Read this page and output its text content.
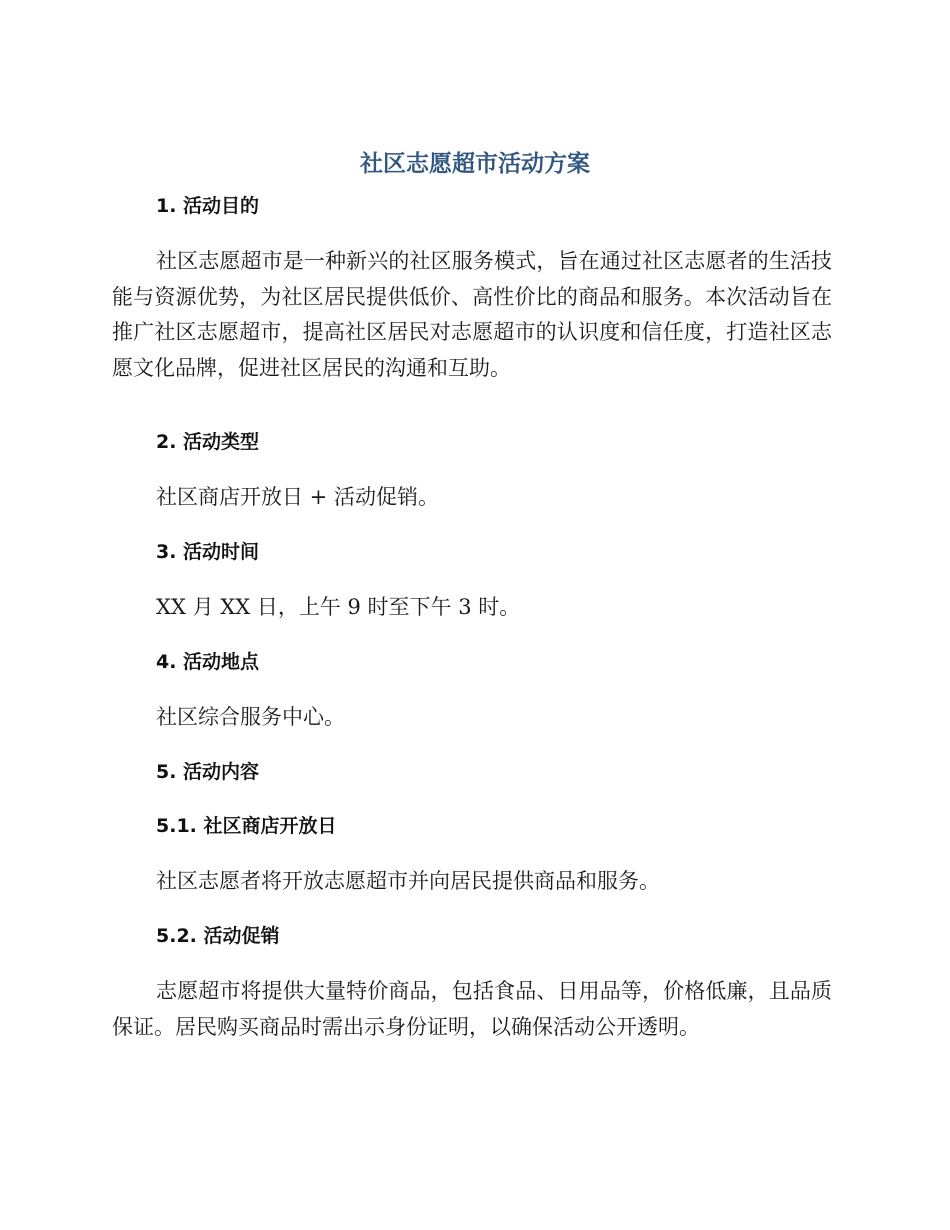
社区志愿超市活动方案
1. 活动目的

社区志愿超市是一种新兴的社区服务模式，旨在通过社区志愿者的生活技能与资源优势，为社区居民提供低价、高性价比的商品和服务。本次活动旨在推广社区志愿超市，提高社区居民对志愿超市的认识度和信任度，打造社区志愿文化品牌，促进社区居民的沟通和互助。

2. 活动类型

社区商店开放日 + 活动促销。

3. 活动时间

XX 月 XX 日，上午 9 时至下午 3 时。

4. 活动地点

社区综合服务中心。

5. 活动内容
5.1. 社区商店开放日

社区志愿者将开放志愿超市并向居民提供商品和服务。

5.2. 活动促销

志愿超市将提供大量特价商品，包括食品、日用品等，价格低廉，且品质保证。居民购买商品时需出示身份证明，以确保活动公开透明。
